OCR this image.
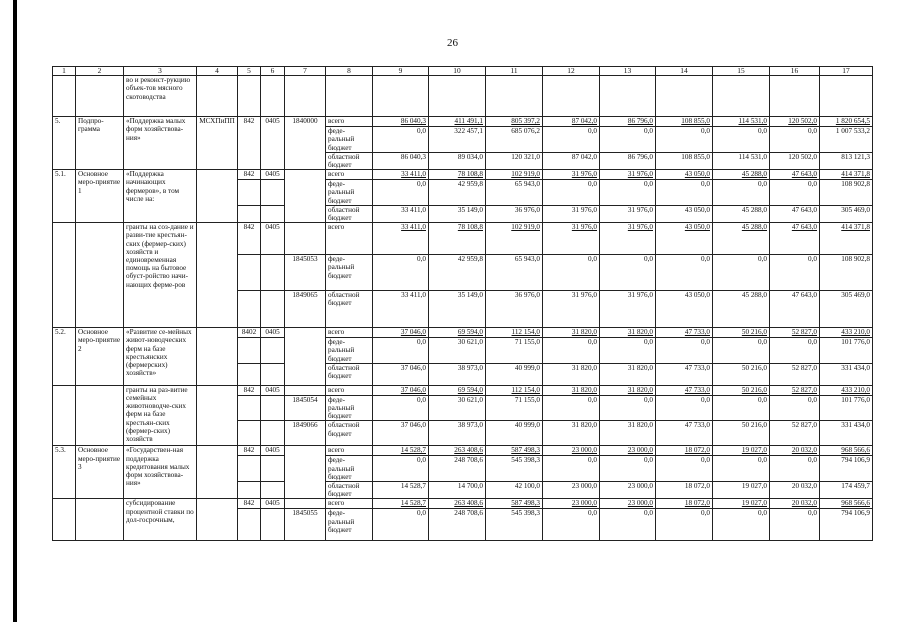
26
1	2	3	4	5	6	7	8	9	10	11	12	13	14	15	16	17
		во и реконст-рукцию объек-тов мясного скотоводства														
5.	Подпро-грамма	«Поддержка малых форм хозяйствова-ния»	МСХПиПП	842	0405	1840000	всего	86 040,3	411 491,1	805 397,2	87 042,0	86 796,0	108 855,0	114 531,0	120 502,0	1 820 654,5
							феде-ральный бюджет	0,0	322 457,1	685 076,2	0,0	0,0	0,0	0,0	0,0	1 007 533,2
							областной бюджет	86 040,3	89 034,0	120 321,0	87 042,0	86 796,0	108 855,0	114 531,0	120 502,0	813 121,3
5.1.	Основное меро-приятие 1	«Поддержка начинающих фермеров», в том числе на:		842	0405		всего	33 411,0	78 108,8	102 919,0	31 976,0	31 976,0	43 050,0	45 288,0	47 643,0	414 371,8
							феде-ральный бюджет	0,0	42 959,8	65 943,0	0,0	0,0	0,0	0,0	0,0	108 902,8
							областной бюджет	33 411,0	35 149,0	36 976,0	31 976,0	31 976,0	43 050,0	45 288,0	47 643,0	305 469,0
		гранты на соз-дание и разви-тие крестьян-ских (фермер-ских) хозяйств и единовременная помощь на бытовое обуст-ройство начи-нающих ферме-ров		842	0405		всего	33 411,0	78 108,8	102 919,0	31 976,0	31 976,0	43 050,0	45 288,0	47 643,0	414 371,8
						1845053	феде-ральный бюджет	0,0	42 959,8	65 943,0	0,0	0,0	0,0	0,0	0,0	108 902,8
						1849065	областной бюджет	33 411,0	35 149,0	36 976,0	31 976,0	31 976,0	43 050,0	45 288,0	47 643,0	305 469,0
5.2.	Основное меро-приятие 2	«Развитие се-мейных живот-новодческих ферм на базе крестьянских (фермерских) хозяйств»		8402	0405		всего	37 046,0	69 594,0	112 154,0	31 820,0	31 820,0	47 733,0	50 216,0	52 827,0	433 210,0
							феде-ральный бюджет	0,0	30 621,0	71 155,0	0,0	0,0	0,0	0,0	0,0	101 776,0
							областной бюджет	37 046,0	38 973,0	40 999,0	31 820,0	31 820,0	47 733,0	50 216,0	52 827,0	331 434,0
		гранты на раз-витие семейных животноводче-ских ферм на базе крестьян-ских (фермер-ских) хозяйств		842	0405		всего	37 046,0	69 594,0	112 154,0	31 820,0	31 820,0	47 733,0	50 216,0	52 827,0	433 210,0
						1845054	феде-ральный бюджет	0,0	30 621,0	71 155,0	0,0	0,0	0,0	0,0	0,0	101 776,0
						1849066	областной бюджет	37 046,0	38 973,0	40 999,0	31 820,0	31 820,0	47 733,0	50 216,0	52 827,0	331 434,0
5.3.	Основное меро-приятие 3	«Государствен-ная поддержка кредитования малых форм хозяйствова-ния»		842	0405		всего	14 528,7	263 408,6	587 498,3	23 000,0	23 000,0	18 072,0	19 027,0	20 032,0	968 566,6
							феде-ральный бюджет	0,0	248 708,6	545 398,3	0,0	0,0	0,0	0,0	0,0	794 106,9
							областной бюджет	14 528,7	14 700,0	42 100,0	23 000,0	23 000,0	18 072,0	19 027,0	20 032,0	174 459,7
		субсидирование процентной ставки по дол-госрочным,		842	0405		всего	14 528,7	263 408,6	587 498,3	23 000,0	23 000,0	18 072,0	19 027,0	20 032,0	968 566,6
						1845055	феде-ральный бюджет	0,0	248 708,6	545 398,3	0,0	0,0	0,0	0,0	0,0	794 106,9
